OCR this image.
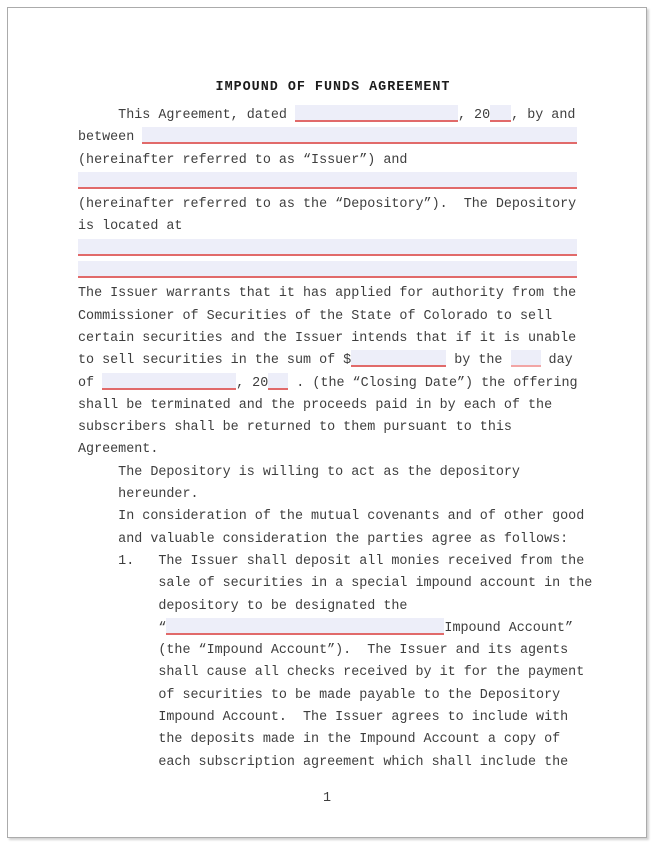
IMPOUND OF FUNDS AGREEMENT
This Agreement, dated	, 20 , by and
between
(hereinafter referred to as “Issuer”) and
(hereinafter referred to as the “Depository”).  The Depository
is located at
The Issuer warrants that it has applied for authority from the
Commissioner of Securities of the State of Colorado to sell
certain securities and the Issuer intends that if it is unable
to sell securities in the sum of $	by the  day
of	, 20 . (the “Closing Date”) the offering
shall be terminated and the proceeds paid in by each of the
subscribers shall be returned to them pursuant to this
Agreement.
The Depository is willing to act as the depository
hereunder.
In consideration of the mutual covenants and of other good
and valuable consideration the parties agree as follows:
1.   The Issuer shall deposit all monies received from the
sale of securities in a special impound account in the
depository to be designated the
“	Impound Account”
(the “Impound Account”).  The Issuer and its agents
shall cause all checks received by it for the payment
of securities to be made payable to the Depository
Impound Account.  The Issuer agrees to include with
the deposits made in the Impound Account a copy of
each subscription agreement which shall include the
1
